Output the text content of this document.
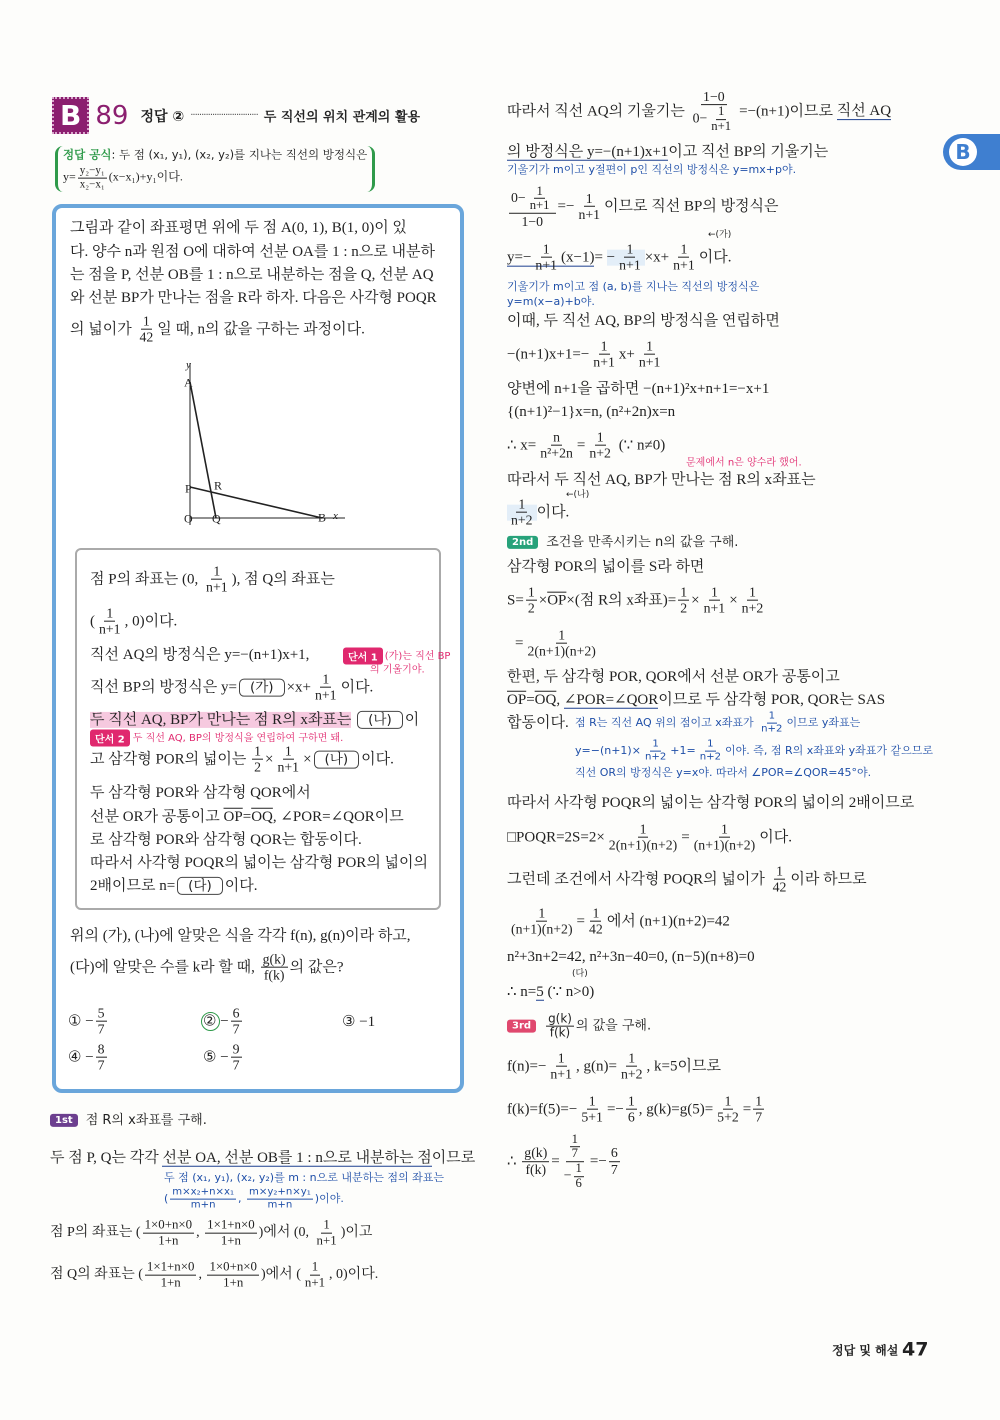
B 89 정답 ② ······························· 두 직선의 위치 관계의 활용
정답 공식: 두 점 (x₁, y₁), (x₂, y₂)를 지나는 직선의 방정식은
$y= \frac{\text{y₂−y₁}}{\text{x₂−x₁}} (x-x_1)+y_1$이다.
그림과 같이 좌표평면 위에 두 점 A(0, 1), B(1, 0)이 있
다. 양수 n과 원점 O에 대하여 선분 OA를 1 : n으로 내분하
는 점을 P, 선분 OB를 1 : n으로 내분하는 점을 Q, 선분 AQ
와 선분 BP가 만나는 점을 R라 하자. 다음은 사각형 POQR
의 넓이가 $\frac{1}{42}$ 일 때, n의 값을 구하는 과정이다.
y
A
P R
O Q	B x
점 P의 좌표는 (0, $\frac{1}{n+1}$ ), 점 Q의 좌표는
( $\frac{1}{n+1}$ , 0)이다.
직선 AQ의 방정식은 y=−(n+1)x+1,	단서 1 (가)는 직선 BP
의 기울기야.
직선 BP의 방정식은 y= (가) $\times x+ \frac{1}{n+1}$ 이다.
두 직선 AQ, BP가 만나는 점 R의 x좌표는 (나) 이
단서 2 두 직선 AQ, BP의 방정식을 연립하여 구하면 돼.
고 삼각형 POR의 넓이는 $\frac{1}{2} \times \frac{1}{n+1}$ × (나) 이다.
두 삼각형 POR와 삼각형 QOR에서
선분 OR가 공통이고 $\overline{OP}=\overline{OQ}$, ∠POR=∠QOR이므
로 삼각형 POR와 삼각형 QOR는 합동이다.
따라서 사각형 POQR의 넓이는 삼각형 POR의 넓이의
2배이므로 n= (다) 이다.
위의 (가), (나)에 알맞은 식을 각각 f(n), g(n)이라 하고,
(다)에 알맞은 수를 k라 할 때, $\frac{g(k)}{f(k)}$ 의 값은?
① − $\frac{5}{7}$	② − $\frac{6}{7}$	③ −1
④ − $\frac{8}{7}$	⑤ − $\frac{9}{7}$
1st 점 R의 x좌표를 구해.
두 점 P, Q는 각각 선분 OA, 선분 OB를 1 : n으로 내분하는 점이므로
두 점 (x₁, y₁), (x₂, y₂)를 m : n으로 내분하는 점의 좌표는
( $\frac{\text{m×x₂+n×x₁}}{m+n}$ , $\frac{\text{m×y₂+n×y₁}}{m+n}$ )이야.
점 P의 좌표는 ( $\frac{1\times 0+n\times 0}{1+n}$ , $\frac{1\times 1+n\times 0}{1+n}$ )에서 (0, $\frac{1}{n+1}$ )이고
점 Q의 좌표는 ( $\frac{1\times 1+n\times 0}{1+n}$ , $\frac{1\times 0+n\times 0}{1+n}$ )에서 ( $\frac{1}{n+1}$ , 0)이다.
따라서 직선 AQ의 기울기는 $\frac{1-0}{0- \frac{1}{n+1}} =-(n+1)$이므로 직선 AQ
의 방정식은 y=−(n+1)x+1이고 직선 BP의 기울기는
기울기가 m이고 y절편이 p인 직선의 방정식은 y=mx+p야.
$\frac{0- \frac{1}{n+1}}{1-0} =- \frac{1}{n+1}$ 이므로 직선 BP의 방정식은
←(가)
$y=- \frac{1}{n+1} (x-1)= - \frac{1}{n+1} \times x+ \frac{1}{n+1}$ 이다.
기울기가 m이고 점 (a, b)를 지나는 직선의 방정식은
y=m(x−a)+b야.
이때, 두 직선 AQ, BP의 방정식을 연립하면
$-(n+1)x+1=- \frac{1}{n+1} x+ \frac{1}{n+1}$
양변에 n+1을 곱하면 −(n+1)²x+n+1=−x+1
{(n+1)²−1}x=n, (n²+2n)x=n
∴ $x= \frac{n}{\text{n²+2n}} = \frac{1}{n+2}$ (∵ n≠0)
문제에서 n은 양수라 했어.
따라서 두 직선 AQ, BP가 만나는 점 R의 x좌표는
←(나)
$\frac{1}{n+2}$ 이다.
2nd 조건을 만족시키는 n의 값을 구해.
삼각형 POR의 넓이를 S라 하면
$S= \frac{1}{2} \times\overline{OP}\times$(점 R의 x좌표)= $\frac{1}{2} \times \frac{1}{n+1} \times \frac{1}{n+2}$
= $\frac{1}{2(n+1)(n+2)}$
한편, 두 삼각형 POR, QOR에서 선분 OR가 공통이고
$\overline{OP}=\overline{OQ}$, ∠POR=∠QOR이므로 두 삼각형 POR, QOR는 SAS
합동이다. 점 R는 직선 AQ 위의 점이고 x좌표가 $\frac{1}{n+2}$ 이므로 y좌표는
$y=-(n+1)\times \frac{1}{n+2} +1= \frac{1}{n+2}$ 이야. 즉, 점 R의 x좌표와 y좌표가 같으므로
직선 OR의 방정식은 y=x야. 따라서 ∠POR=∠QOR=45°야.
따라서 사각형 POQR의 넓이는 삼각형 POR의 넓이의 2배이므로
□POQR=2S=2× $\frac{1}{2(n+1)(n+2)} = \frac{1}{(n+1)(n+2)}$ 이다.
그런데 조건에서 사각형 POQR의 넓이가 $\frac{1}{42}$ 이라 하므로
$\frac{1}{(n+1)(n+2)} = \frac{1}{42}$ 에서 (n+1)(n+2)=42
n²+3n+2=42, n²+3n−40=0, (n−5)(n+8)=0
(다)
∴ n=5 (∵ n>0)
$3rd \frac{g(k)}{f(k)}$ 의 값을 구해.
$f(n)=- \frac{1}{n+1}$ , $g(n)= \frac{1}{n+2}$ , k=5이므로
$f(k)=f(5)=- \frac{1}{5+1} =- \frac{1}{6}$ , $g(k)=g(5)= \frac{1}{5+2} = \frac{1}{7}$
∴ $\frac{g(k)}{f(k)} = \frac{\frac{1}{7}}{- \frac{1}{6}} =- \frac{6}{7}$
B
정답 및 해설 47
